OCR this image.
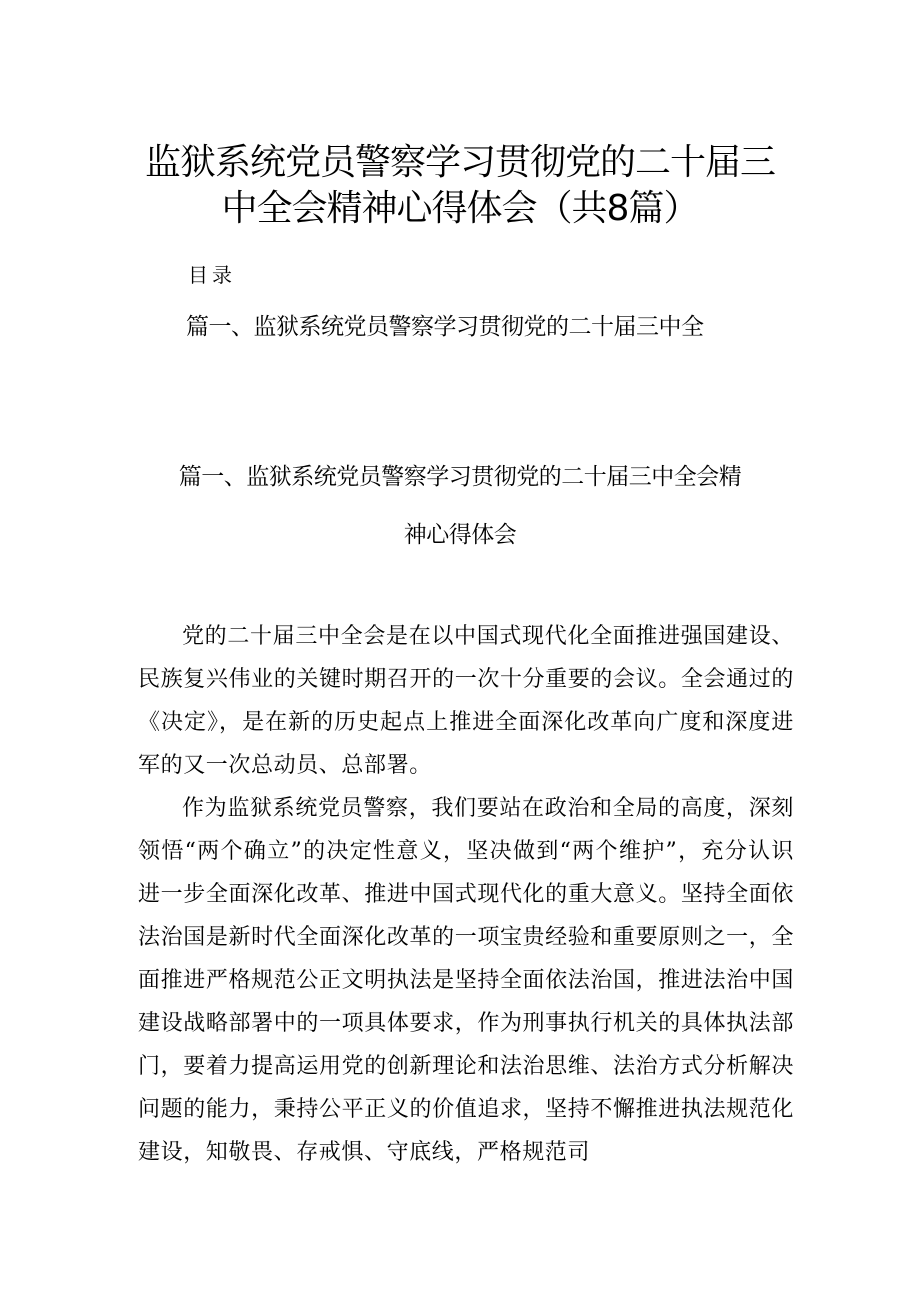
监狱系统党员警察学习贯彻党的二十届三
中全会精神心得体会（共8篇）
目录
篇一、监狱系统党员警察学习贯彻党的二十届三中全
篇一、监狱系统党员警察学习贯彻党的二十届三中全会精
神心得体会

党的二十届三中全会是在以中国式现代化全面推进强国建设、民族复兴伟业的关键时期召开的一次十分重要的会议。全会通过的《决定》，是在新的历史起点上推进全面深化改革向广度和深度进军的又一次总动员、总部署。

作为监狱系统党员警察，我们要站在政治和全局的高度，深刻领悟“两个确立”的决定性意义，坚决做到“两个维护”，充分认识进一步全面深化改革、推进中国式现代化的重大意义。坚持全面依法治国是新时代全面深化改革的一项宝贵经验和重要原则之一，全面推进严格规范公正文明执法是坚持全面依法治国，推进法治中国建设战略部署中的一项具体要求，作为刑事执行机关的具体执法部门，要着力提高运用党的创新理论和法治思维、法治方式分析解决问题的能力，秉持公平正义的价值追求，坚持不懈推进执法规范化建设，知敬畏、存戒惧、守底线，严格规范司
